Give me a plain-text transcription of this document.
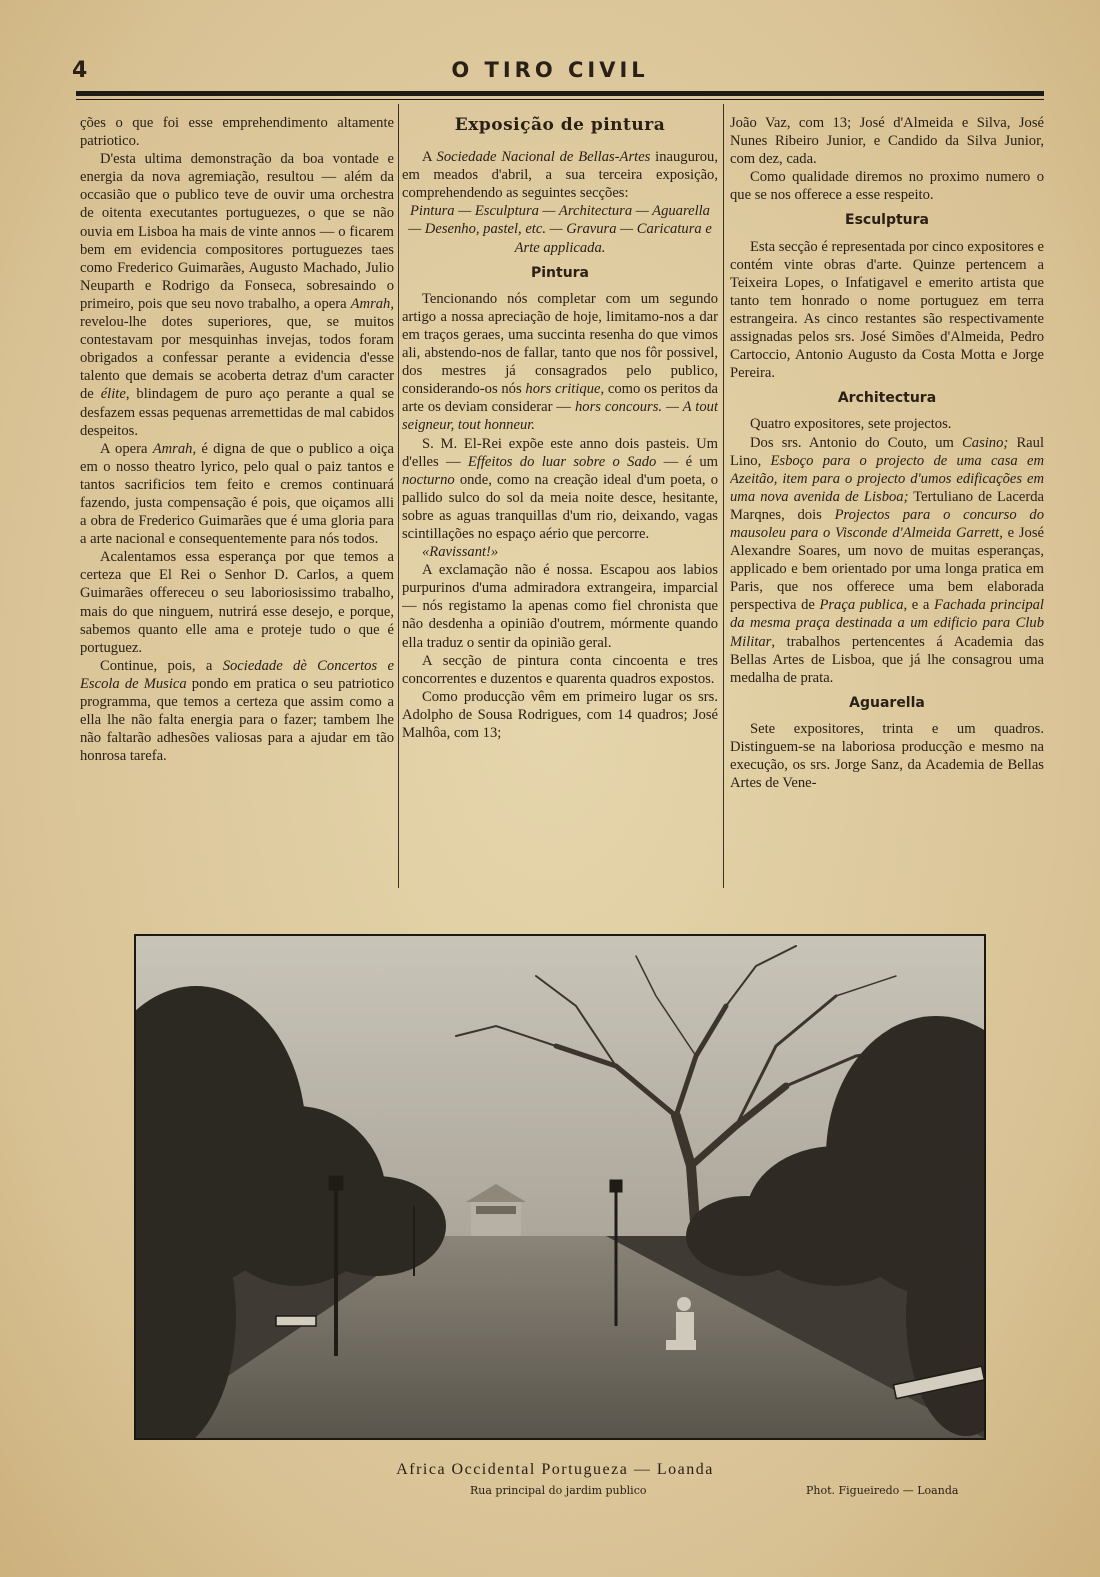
4	O TIRO CIVIL

ções o que foi esse emprehendimento altamente patriotico.

D'esta ultima demonstração da boa vontade e energia da nova agremiação, resultou — além da occasião que o publico teve de ouvir uma orchestra de oitenta executantes portuguezes, o que se não ouvia em Lisboa ha mais de vinte annos — o ficarem bem em evidencia compositores portuguezes taes como Frederico Guimarães, Augusto Machado, Julio Neuparth e Rodrigo da Fonseca, sobresaindo o primeiro, pois que seu novo trabalho, a opera Amrah, revelou-lhe dotes superiores, que, se muitos contestavam por mesquinhas invejas, todos foram obrigados a confessar perante a evidencia d'esse talento que demais se acoberta detraz d'um caracter de élite, blindagem de puro aço perante a qual se desfazem essas pequenas arremettidas de mal cabidos despeitos.

A opera Amrah, é digna de que o publico a oiça em o nosso theatro lyrico, pelo qual o paiz tantos e tantos sacrificios tem feito e cremos continuará fazendo, justa compensação é pois, que oiçamos alli a obra de Frederico Guimarães que é uma gloria para a arte nacional e consequentemente para nós todos.

Acalentamos essa esperança por que temos a certeza que El Rei o Senhor D. Carlos, a quem Guimarães offereceu o seu laboriosissimo trabalho, mais do que ninguem, nutrirá esse desejo, e porque, sabemos quanto elle ama e proteje tudo o que é portuguez.

Continue, pois, a Sociedade dè Concertos e Escola de Musica pondo em pratica o seu patriotico programma, que temos a certeza que assim como a ella lhe não falta energia para o fazer; tambem lhe não faltarão adhesões valiosas para a ajudar em tão honrosa tarefa.

Exposição de pintura

A Sociedade Nacional de Bellas-Artes inaugurou, em meados d'abril, a sua terceira exposição, comprehendendo as seguintes secções:

Pintura — Esculptura — Architectura — Aguarella — Desenho, pastel, etc. — Gravura — Caricatura e Arte applicada.

Pintura

Tencionando nós completar com um segundo artigo a nossa apreciação de hoje, limitamo-nos a dar em traços geraes, uma succinta resenha do que vimos ali, abstendo-nos de fallar, tanto que nos fôr possivel, dos mestres já consagrados pelo publico, considerando-os nós hors critique, como os peritos da arte os deviam considerar — hors concours. — A tout seigneur, tout honneur.

S. M. El-Rei expõe este anno dois pasteis. Um d'elles — Effeitos do luar sobre o Sado — é um nocturno onde, como na creação ideal d'um poeta, o pallido sulco do sol da meia noite desce, hesitante, sobre as aguas tranquillas d'um rio, deixando, vagas scintillações no espaço aério que percorre.

«Ravissant!»

A exclamação não é nossa. Escapou aos labios purpurinos d'uma admiradora extrangeira, imparcial — nós registamo la apenas como fiel chronista que não desdenha a opinião d'outrem, mórmente quando ella traduz o sentir da opinião geral.

A secção de pintura conta cincoenta e tres concorrentes e duzentos e quarenta quadros expostos.

Como producção vêm em primeiro lugar os srs. Adolpho de Sousa Rodrigues, com 14 quadros; José Malhôa, com 13;

João Vaz, com 13; José d'Almeida e Silva, José Nunes Ribeiro Junior, e Candido da Silva Junior, com dez, cada.

Como qualidade diremos no proximo numero o que se nos offerece a esse respeito.

Esculptura

Esta secção é representada por cinco expositores e contém vinte obras d'arte. Quinze pertencem a Teixeira Lopes, o Infatigavel e emerito artista que tanto tem honrado o nome portuguez em terra estrangeira. As cinco restantes são respectivamente assignadas pelos srs. José Simões d'Almeida, Pedro Cartoccio, Antonio Augusto da Costa Motta e Jorge Pereira.

Architectura

Quatro expositores, sete projectos.

Dos srs. Antonio do Couto, um Casino; Raul Lino, Esboço para o projecto de uma casa em Azeitão, item para o projecto d'umos edificações em uma nova avenida de Lisboa; Tertuliano de Lacerda Marqnes, dois Projectos para o concurso do mausoleu para o Visconde d'Almeida Garrett, e José Alexandre Soares, um novo de muitas esperanças, applicado e bem orientado por uma longa pratica em Paris, que nos offerece uma bem elaborada perspectiva de Praça publica, e a Fachada principal da mesma praça destinada a um edificio para Club Militar, trabalhos pertencentes á Academia das Bellas Artes de Lisboa, que já lhe consagrou uma medalha de prata.

Aguarella

Sete expositores, trinta e um quadros. Distinguem-se na laboriosa producção e mesmo na execução, os srs. Jorge Sanz, da Academia de Bellas Artes de Vene-

Africa Occidental Portugueza — Loanda
Rua principal do jardim publico	Phot. Figueiredo — Loanda
